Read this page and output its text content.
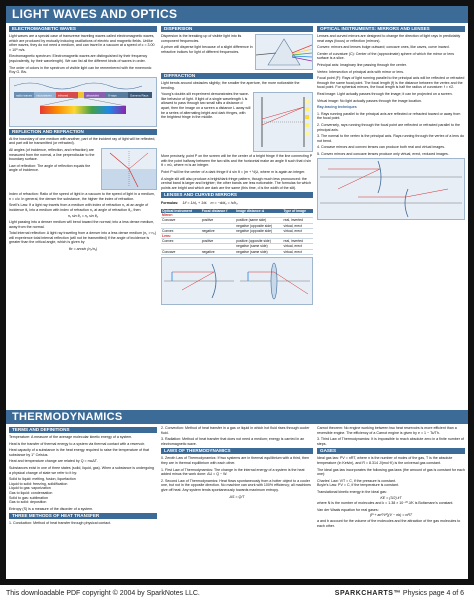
LIGHT WAVES AND OPTICS
ELECTROMAGNETIC WAVES
Light waves are a special case of transverse traveling waves called electromagnetic waves, which are produced by mutually inducing oscillations of electric and magnetic fields. Unlike other waves, they do not need a medium, and can travel in a vacuum at a speed of c = 3.00 × 10⁸ m/s.
Electromagnetic spectrum: Electromagnetic waves are distinguished by their frequency (equivalently, by their wavelength). We can list all the different kinds of waves in order.
The order of colors in the spectrum of visible light can be remembered with the mnemonic Roy G. Biv.
radio waves microwaves infrared	ultraviolet	X-rays	Gamma Rays
REFLECTION AND REFRACTION
At the boundary of one medium with another, part of the incident ray of light will be reflected, and part will be transmitted (or refracted).
All angles (of incidence, reflection, and refraction) are measured from the normal, a line perpendicular to the boundary surface.
Law of reflection: The angle of reflection equals the angle of incidence.
Index of refraction: Ratio of the speed of light in a vacuum to the speed of light in a medium, n = c/v. In general, the denser the substance, the higher the index of refraction.
Snell's Law: If a light ray travels from a medium with index of refraction n₁ at an angle of incidence θ₁ into a medium with index of refraction n₂ at angle of refraction θ₂, then
n₁ sin θ₁ = n₂ sin θ₂
Light passing into a denser medium will bend toward the normal; into a less dense medium, away from the normal.
Total internal reflection: A light ray traveling from a denser into a less dense medium (n₁ > n₂) will experience total internal reflection (will not be transmitted) if the angle of incidence is greater than the critical angle, which is given by
θc = arcsin (n₂/n₁)
DISPERSION
Dispersion is the breaking up of visible light into its component frequencies.
A prism will disperse light because of a slight difference in refractive indices for light of different frequencies.
DIFFRACTION
Light bends around obstacles slightly; the smaller the aperture, the more noticeable the bending.
Young's double-slit experiment demonstrates the wave-like behavior of light. If light of a single wavelength λ is allowed to pass through two small slits a distance d apart, then the image on a screen a distance L away will be a series of alternating bright and dark fringes, with the brightest fringe in the middle.
More precisely, point P on the screen will be the center of a bright fringe if the line connecting P with the point halfway between the two slits and the horizontal make an angle θ such that d sin θ = mλ, where m is an integer.
Point P will be the center of a dark fringe if d sin θ = (m + ½)λ, where m is again an integer.
A single slit will also produce a bright/dark fringe pattern, though much less pronounced: the central band is larger and brighter; the other bands are less noticeable. The formulas for which points are bright and which are dark are the same (this time, d is the width of the slit).
LENSES AND CURVED MIRRORS
Formulas: 1/f = 1/d₀ + 1/dᵢ m = −dᵢ/d₀ = hᵢ/h₀
Optical instrument	Focal distance f	Image distance dᵢ	Type of image
Mirror:			
Concave	positive	positive (same side)	real, inverted
		negative (opposite side)	virtual, erect
Convex	negative	negative (opposite side)	virtual, erect
Lens:			
Convex	positive	positive (opposite side)	real, inverted
		negative (same side)	virtual, erect
Concave	negative	negative (same side)	virtual, erect
OPTICAL INSTRUMENTS: MIRRORS AND LENSES
Lenses and curved mirrors are designed to change the direction of light rays in predictably neat ways (focus) or reflection (mirrors).
Convex: mirrors and lenses bulge outward; concave ones, like caves, curve inward.
Center of curvature (C): Center of the (approximate) sphere of which the mirror or lens surface is a slice.
Principal axis: Imaginary line passing through the center.
Vertex: Intersection of principal axis with mirror or lens.
Focal point (F): Rays of light running parallel to the principal axis will be reflected or refracted through the same focal point. The focal length (f) is the distance between the vertex and the focal point. For spherical mirrors, the focal length is half the radius of curvature: f = r/2.
Real image: Light actually passes through the image; it can be projected on a screen.
Virtual image: No light actually passes through the image location.
Ray-tracing techniques
1. Rays running parallel to the principal axis are reflected or refracted toward or away from the focal point.
2. Conversely, rays running through the focal point are reflected or refracted parallel to the principal axis.
3. The normal to the vertex is the principal axis. Rays running through the vertex of a lens do not bend.
4. Concave mirrors and convex lenses can produce both real and virtual images.
5. Convex mirrors and concave lenses produce only virtual, erect, reduced images.
THERMODYNAMICS
TERMS AND DEFINITIONS
Temperature: A measure of the average molecular kinetic energy of a system.
Heat is the transfer of thermal energy to a system via thermal contact with a reservoir.
Heat capacity of a substance is the heat energy required to raise the temperature of that substance by 1° Celsius.
Heat and temperature change are related by Q = mcΔT.
Substances exist in one of three states (solid, liquid, gas). When a substance is undergoing a physical change of state we refer to it by:
Solid to liquid: melting, fusion, liquefaction
Liquid to solid: freezing, solidification
Liquid to gas: vaporization
Gas to liquid: condensation
Solid to gas: sublimation
Gas to solid: deposition
Entropy (S) is a measure of the disorder of a system.
THREE METHODS OF HEAT TRANSFER
1. Conduction: Method of heat transfer through physical contact.
2. Convection: Method of heat transfer in a gas or liquid in which hot fluid rises through cooler fluid.
3. Radiation: Method of heat transfer that does not need a medium; energy is carried in an electromagnetic wave.
LAWS OF THERMODYNAMICS
0. Zeroth Law of Thermodynamics: If two systems are in thermal equilibrium with a third, then they are in thermal equilibrium with each other.
1. First Law of Thermodynamics: The change in the internal energy of a system is the heat added minus the work done: ΔU = Q − W.
2. Second Law of Thermodynamics: Heat flows spontaneously from a hotter object to a cooler one, but not in the opposite direction. No machine can work with 100% efficiency; all machines give off heat. Any system tends spontaneously towards maximum entropy.
ΔS = Q/T
Carnot theorem: No engine working between two heat reservoirs is more efficient than a reversible engine. The efficiency of a Carnot engine is given by e = 1 − Tc/Th.
3. Third Law of Thermodynamics: It is impossible to reach absolute zero in a finite number of steps.
GASES
Ideal gas law: PV = nRT, where n is the number of moles of the gas, T is the absolute temperature (in Kelvin), and R = 8.314 J/(mol·K) is the universal gas constant.
The ideal gas law incorporates the following gas laws (the amount of gas is constant for each one):
Charles' Law: V/T = C, if the pressure is constant.
Boyle's Law: PV = C, if the temperature is constant.
Translational kinetic energy in the ideal gas:
KE = (3/2) kT
where N is the number of molecules and k = 1.38 × 10⁻²³ J/K is Boltzmann's constant.
Van der Waals equation for real gases:
(P + an²/V²)(V − nb) = nRT
a and b account for the volume of the molecules and the attraction of the gas molecules to each other.
This downloadable PDF copyright © 2004 by SparkNotes LLC.	SPARKCHARTS™ Physics page 4 of 6
